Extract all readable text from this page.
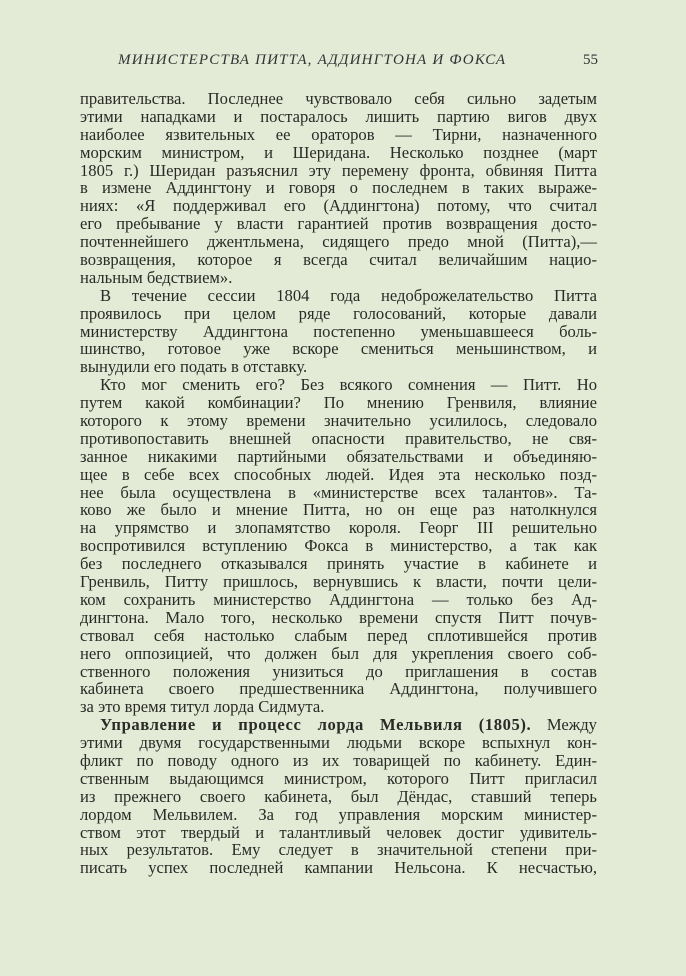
МИНИСТЕРСТВА ПИТТА, АДДИНГТОНА И ФОКСА	55
правительства. Последнее чувствовало себя сильно задетым
этими нападками и постаралось лишить партию вигов двух
наиболее язвительных ее ораторов — Тирни, назначенного
морским министром, и Шеридана. Несколько позднее (март
1805 г.) Шеридан разъяснил эту перемену фронта, обвиняя Питта
в измене Аддингтону и говоря о последнем в таких выраже-
ниях: «Я поддерживал его (Аддингтона) потому, что считал
его пребывание у власти гарантией против возвращения досто-
почтеннейшего джентльмена, сидящего предо мной (Питта),—
возвращения, которое я всегда считал величайшим нацио-
нальным бедствием».
В течение сессии 1804 года недоброжелательство Питта
проявилось при целом ряде голосований, которые давали
министерству Аддингтона постепенно уменьшавшееся боль-
шинство, готовое уже вскоре смениться меньшинством, и
вынудили его подать в отставку.
Кто мог сменить его? Без всякого сомнения — Питт. Но
путем какой комбинации? По мнению Гренвиля, влияние
которого к этому времени значительно усилилось, следовало
противопоставить внешней опасности правительство, не свя-
занное никакими партийными обязательствами и объединяю-
щее в себе всех способных людей. Идея эта несколько позд-
нее была осуществлена в «министерстве всех талантов». Та-
ково же было и мнение Питта, но он еще раз натолкнулся
на упрямство и злопамятство короля. Георг III решительно
воспротивился вступлению Фокса в министерство, а так как
без последнего отказывался принять участие в кабинете и
Гренвиль, Питту пришлось, вернувшись к власти, почти цели-
ком сохранить министерство Аддингтона — только без Ад-
дингтона. Мало того, несколько времени спустя Питт почув-
ствовал себя настолько слабым перед сплотившейся против
него оппозицией, что должен был для укрепления своего соб-
ственного положения унизиться до приглашения в состав
кабинета своего предшественника Аддингтона, получившего
за это время титул лорда Сидмута.
Управление и процесс лорда Мельвиля (1805). Между
этими двумя государственными людьми вскоре вспыхнул кон-
фликт по поводу одного из их товарищей по кабинету. Един-
ственным выдающимся министром, которого Питт пригласил
из прежнего своего кабинета, был Дёндас, ставший теперь
лордом Мельвилем. За год управления морским министер-
ством этот твердый и талантливый человек достиг удивитель-
ных результатов. Ему следует в значительной степени при-
писать успех последней кампании Нельсона. К несчастью,
